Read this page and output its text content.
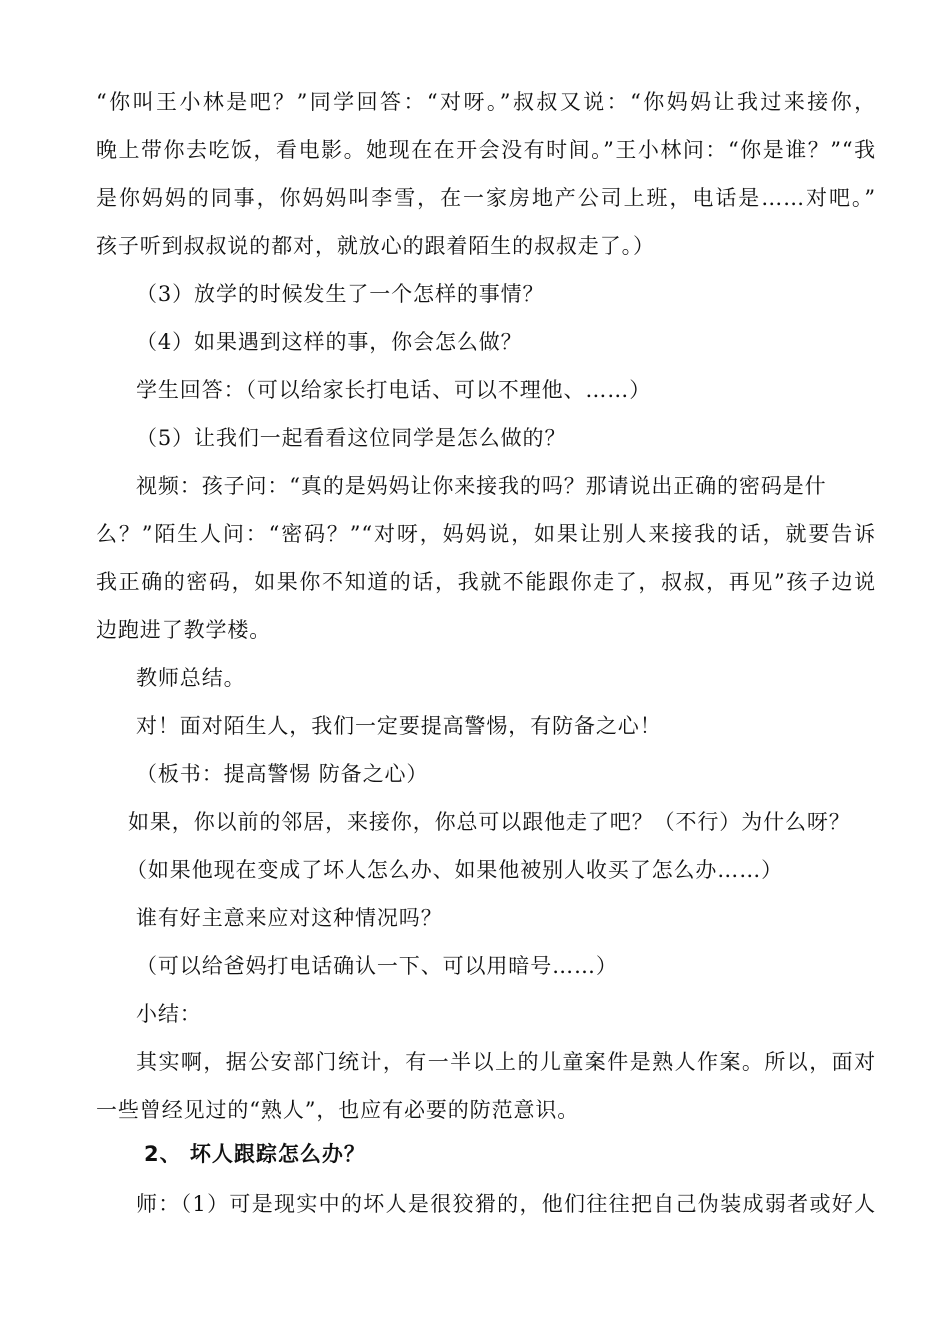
“你叫王小林是吧？”同学回答：“对呀。”叔叔又说：“你妈妈让我过来接你，
晚上带你去吃饭，看电影。她现在在开会没有时间。”王小林问：“你是谁？”“我
是你妈妈的同事，你妈妈叫李雪，在一家房地产公司上班，电话是……对吧。”
孩子听到叔叔说的都对，就放心的跟着陌生的叔叔走了。）
（3）放学的时候发生了一个怎样的事情？
（4）如果遇到这样的事，你会怎么做？
学生回答：（可以给家长打电话、可以不理他、……）
（5）让我们一起看看这位同学是怎么做的？
视频：孩子问：“真的是妈妈让你来接我的吗？那请说出正确的密码是什
么？”陌生人问：“密码？”“对呀，妈妈说，如果让别人来接我的话，就要告诉
我正确的密码，如果你不知道的话，我就不能跟你走了，叔叔，再见”孩子边说
边跑进了教学楼。
教师总结。
对！面对陌生人，我们一定要提高警惕，有防备之心！
（板书：提高警惕 防备之心）
如果，你以前的邻居，来接你，你总可以跟他走了吧？（不行）为什么呀？
（如果他现在变成了坏人怎么办、如果他被别人收买了怎么办……）
谁有好主意来应对这种情况吗？
（可以给爸妈打电话确认一下、可以用暗号……）
小结：
其实啊，据公安部门统计，有一半以上的儿童案件是熟人作案。所以，面对
一些曾经见过的“熟人”，也应有必要的防范意识。
2、 坏人跟踪怎么办？
师：（1）可是现实中的坏人是很狡猾的，他们往往把自己伪装成弱者或好人
